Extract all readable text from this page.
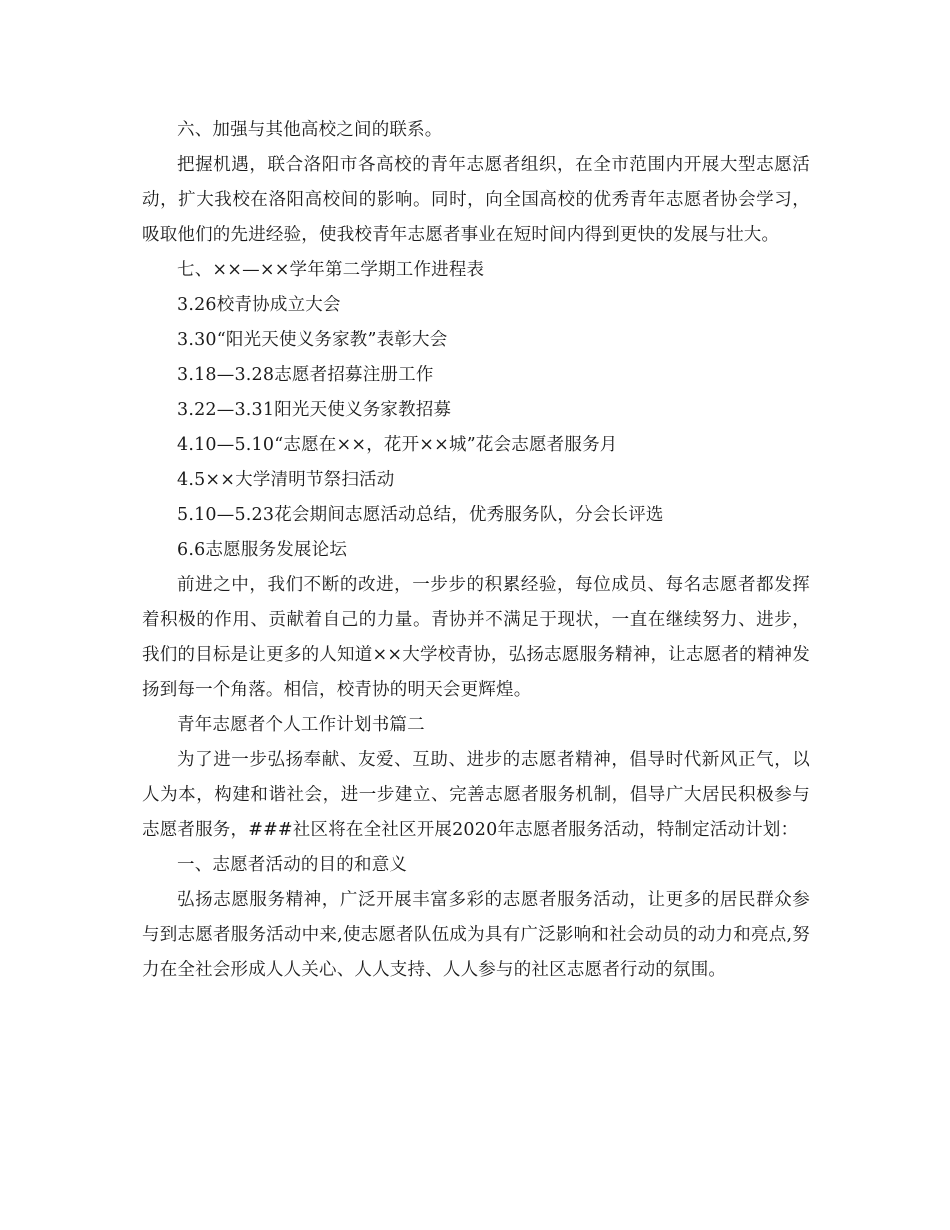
六、加强与其他高校之间的联系。

把握机遇，联合洛阳市各高校的青年志愿者组织，在全市范围内开展大型志愿活动，扩大我校在洛阳高校间的影响。同时，向全国高校的优秀青年志愿者协会学习，吸取他们的先进经验，使我校青年志愿者事业在短时间内得到更快的发展与壮大。

七、××—××学年第二学期工作进程表

3.26校青协成立大会

3.30“阳光天使义务家教”表彰大会

3.18—3.28志愿者招募注册工作

3.22—3.31阳光天使义务家教招募

4.10—5.10“志愿在××，花开××城”花会志愿者服务月

4.5××大学清明节祭扫活动

5.10—5.23花会期间志愿活动总结，优秀服务队，分会长评选

6.6志愿服务发展论坛

前进之中，我们不断的改进，一步步的积累经验，每位成员、每名志愿者都发挥着积极的作用、贡献着自己的力量。青协并不满足于现状，一直在继续努力、进步，我们的目标是让更多的人知道××大学校青协，弘扬志愿服务精神，让志愿者的精神发扬到每一个角落。相信，校青协的明天会更辉煌。

青年志愿者个人工作计划书篇二

为了进一步弘扬奉献、友爱、互助、进步的志愿者精神，倡导时代新风正气，以人为本，构建和谐社会，进一步建立、完善志愿者服务机制，倡导广大居民积极参与志愿者服务，###社区将在全社区开展2020年志愿者服务活动，特制定活动计划：

一、志愿者活动的目的和意义

弘扬志愿服务精神，广泛开展丰富多彩的志愿者服务活动，让更多的居民群众参与到志愿者服务活动中来,使志愿者队伍成为具有广泛影响和社会动员的动力和亮点,努力在全社会形成人人关心、人人支持、人人参与的社区志愿者行动的氛围。
